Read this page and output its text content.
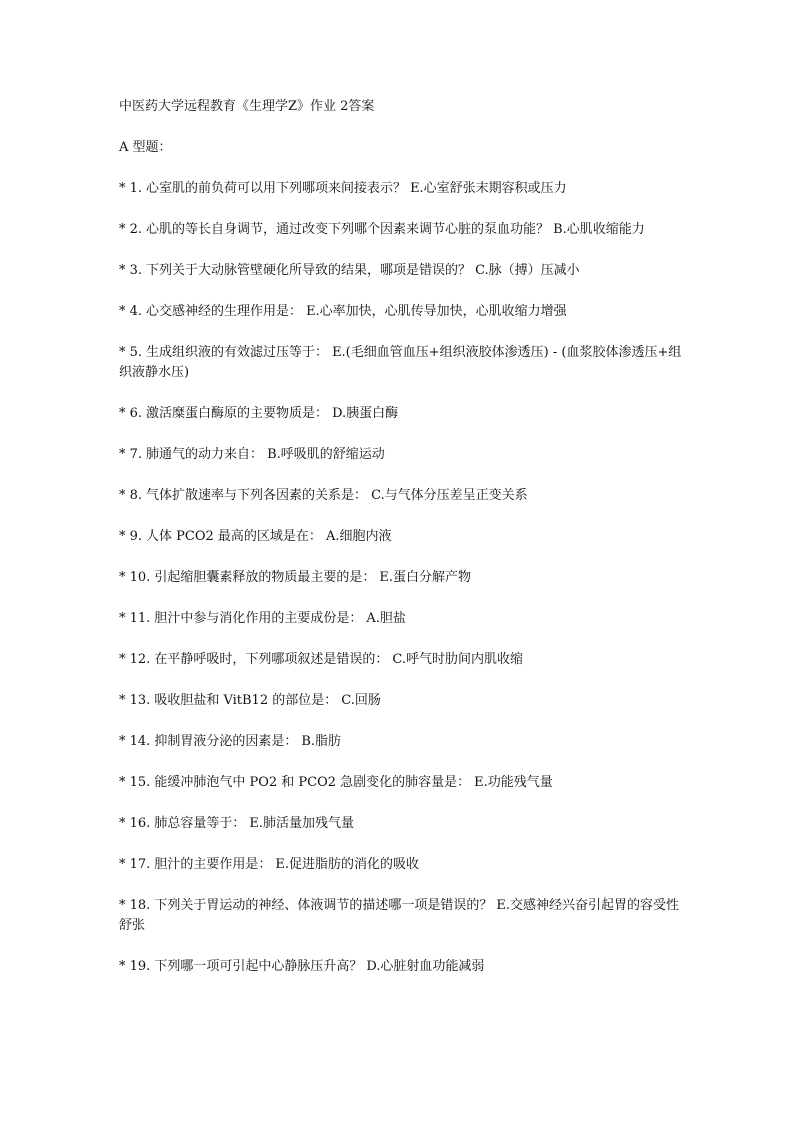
中医药大学远程教育《生理学Z》作业 2答案
A 型题：
* 1. 心室肌的前负荷可以用下列哪项来间接表示？ E.心室舒张末期容积或压力
* 2. 心肌的等长自身调节，通过改变下列哪个因素来调节心脏的泵血功能？ B.心肌收缩能力
* 3. 下列关于大动脉管壁硬化所导致的结果，哪项是错误的？ C.脉（搏）压减小
* 4. 心交感神经的生理作用是： E.心率加快，心肌传导加快，心肌收缩力增强
* 5. 生成组织液的有效滤过压等于： E.(毛细血管血压+组织液胶体渗透压) - (血浆胶体渗透压+组织液静水压)
* 6. 激活糜蛋白酶原的主要物质是： D.胰蛋白酶
* 7. 肺通气的动力来自： B.呼吸肌的舒缩运动
* 8. 气体扩散速率与下列各因素的关系是： C.与气体分压差呈正变关系
* 9. 人体 PCO2 最高的区域是在： A.细胞内液
* 10. 引起缩胆囊素释放的物质最主要的是： E.蛋白分解产物
* 11. 胆汁中参与消化作用的主要成份是： A.胆盐
* 12. 在平静呼吸时，下列哪项叙述是错误的： C.呼气时肋间内肌收缩
* 13. 吸收胆盐和 VitB12 的部位是： C.回肠
* 14. 抑制胃液分泌的因素是： B.脂肪
* 15. 能缓冲肺泡气中 PO2 和 PCO2 急剧变化的肺容量是： E.功能残气量
* 16. 肺总容量等于： E.肺活量加残气量
* 17. 胆汁的主要作用是： E.促进脂肪的消化的吸收
* 18. 下列关于胃运动的神经、体液调节的描述哪一项是错误的？ E.交感神经兴奋引起胃的容受性舒张
* 19. 下列哪一项可引起中心静脉压升高？ D.心脏射血功能减弱
